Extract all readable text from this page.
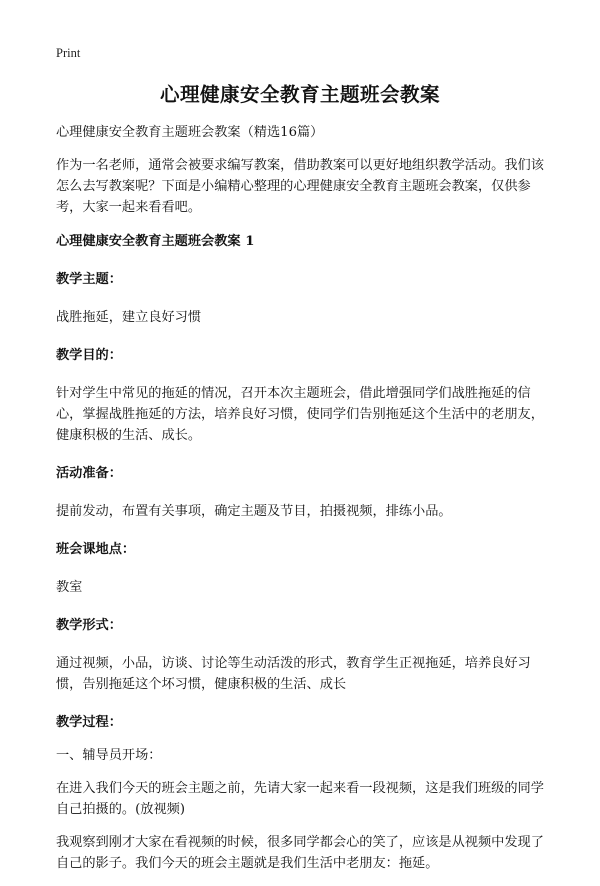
Print
心理健康安全教育主题班会教案

心理健康安全教育主题班会教案（精选16篇）

作为一名老师，通常会被要求编写教案，借助教案可以更好地组织教学活动。我们该怎么去写教案呢？下面是小编精心整理的心理健康安全教育主题班会教案，仅供参考，大家一起来看看吧。

心理健康安全教育主题班会教案 1

教学主题：

战胜拖延，建立良好习惯

教学目的：

针对学生中常见的拖延的情况，召开本次主题班会，借此增强同学们战胜拖延的信心，掌握战胜拖延的方法，培养良好习惯，使同学们告别拖延这个生活中的老朋友，健康积极的生活、成长。

活动准备：

提前发动，布置有关事项，确定主题及节目，拍摄视频，排练小品。

班会课地点：

教室

教学形式：

通过视频，小品，访谈、讨论等生动活泼的形式，教育学生正视拖延，培养良好习惯，告别拖延这个坏习惯，健康积极的生活、成长

教学过程：

一、辅导员开场：

在进入我们今天的班会主题之前，先请大家一起来看一段视频，这是我们班级的同学自己拍摄的。(放视频)

我观察到刚才大家在看视频的时候，很多同学都会心的笑了，应该是从视频中发现了自己的影子。我们今天的班会主题就是我们生活中老朋友：拖延。
